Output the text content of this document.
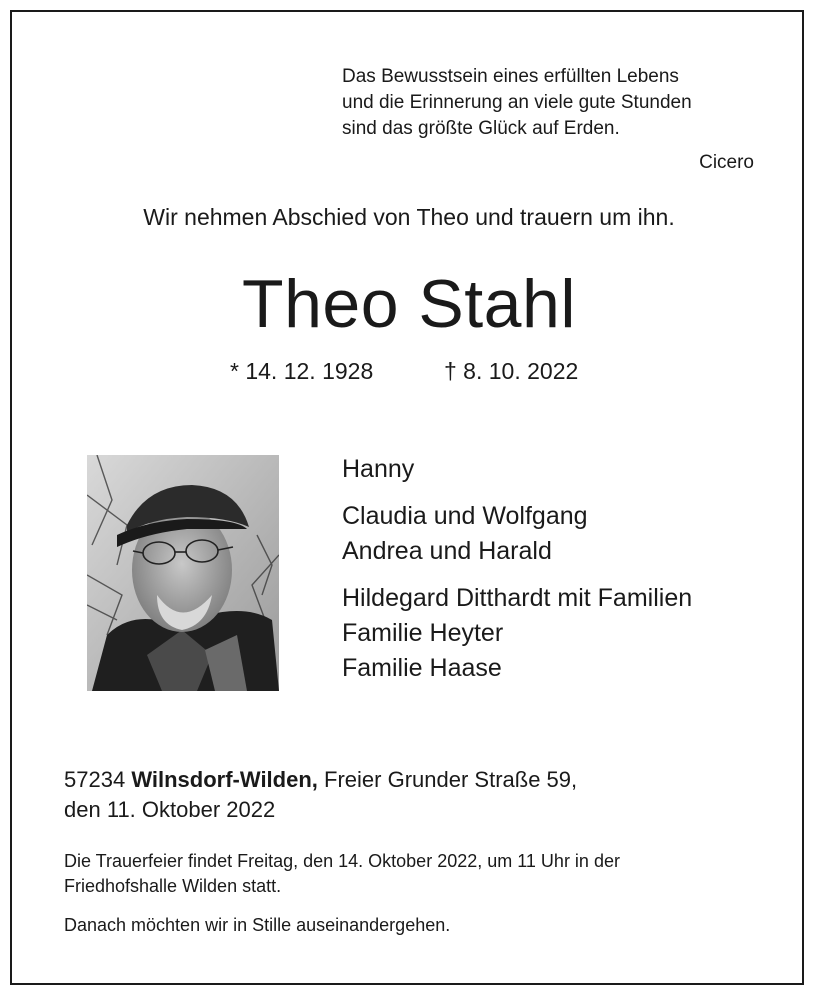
Das Bewusstsein eines erfüllten Lebens
und die Erinnerung an viele gute Stunden
sind das größte Glück auf Erden.
Cicero
Wir nehmen Abschied von Theo und trauern um ihn.
Theo Stahl
* 14. 12. 1928	† 8. 10. 2022
Hanny
Claudia und Wolfgang
Andrea und Harald
Hildegard Ditthardt mit Familien
Familie Heyter
Familie Haase
57234 Wilnsdorf-Wilden, Freier Grunder Straße 59,
den 11. Oktober 2022
Die Trauerfeier findet Freitag, den 14. Oktober 2022, um 11 Uhr in der
Friedhofshalle Wilden statt.
Danach möchten wir in Stille auseinandergehen.
